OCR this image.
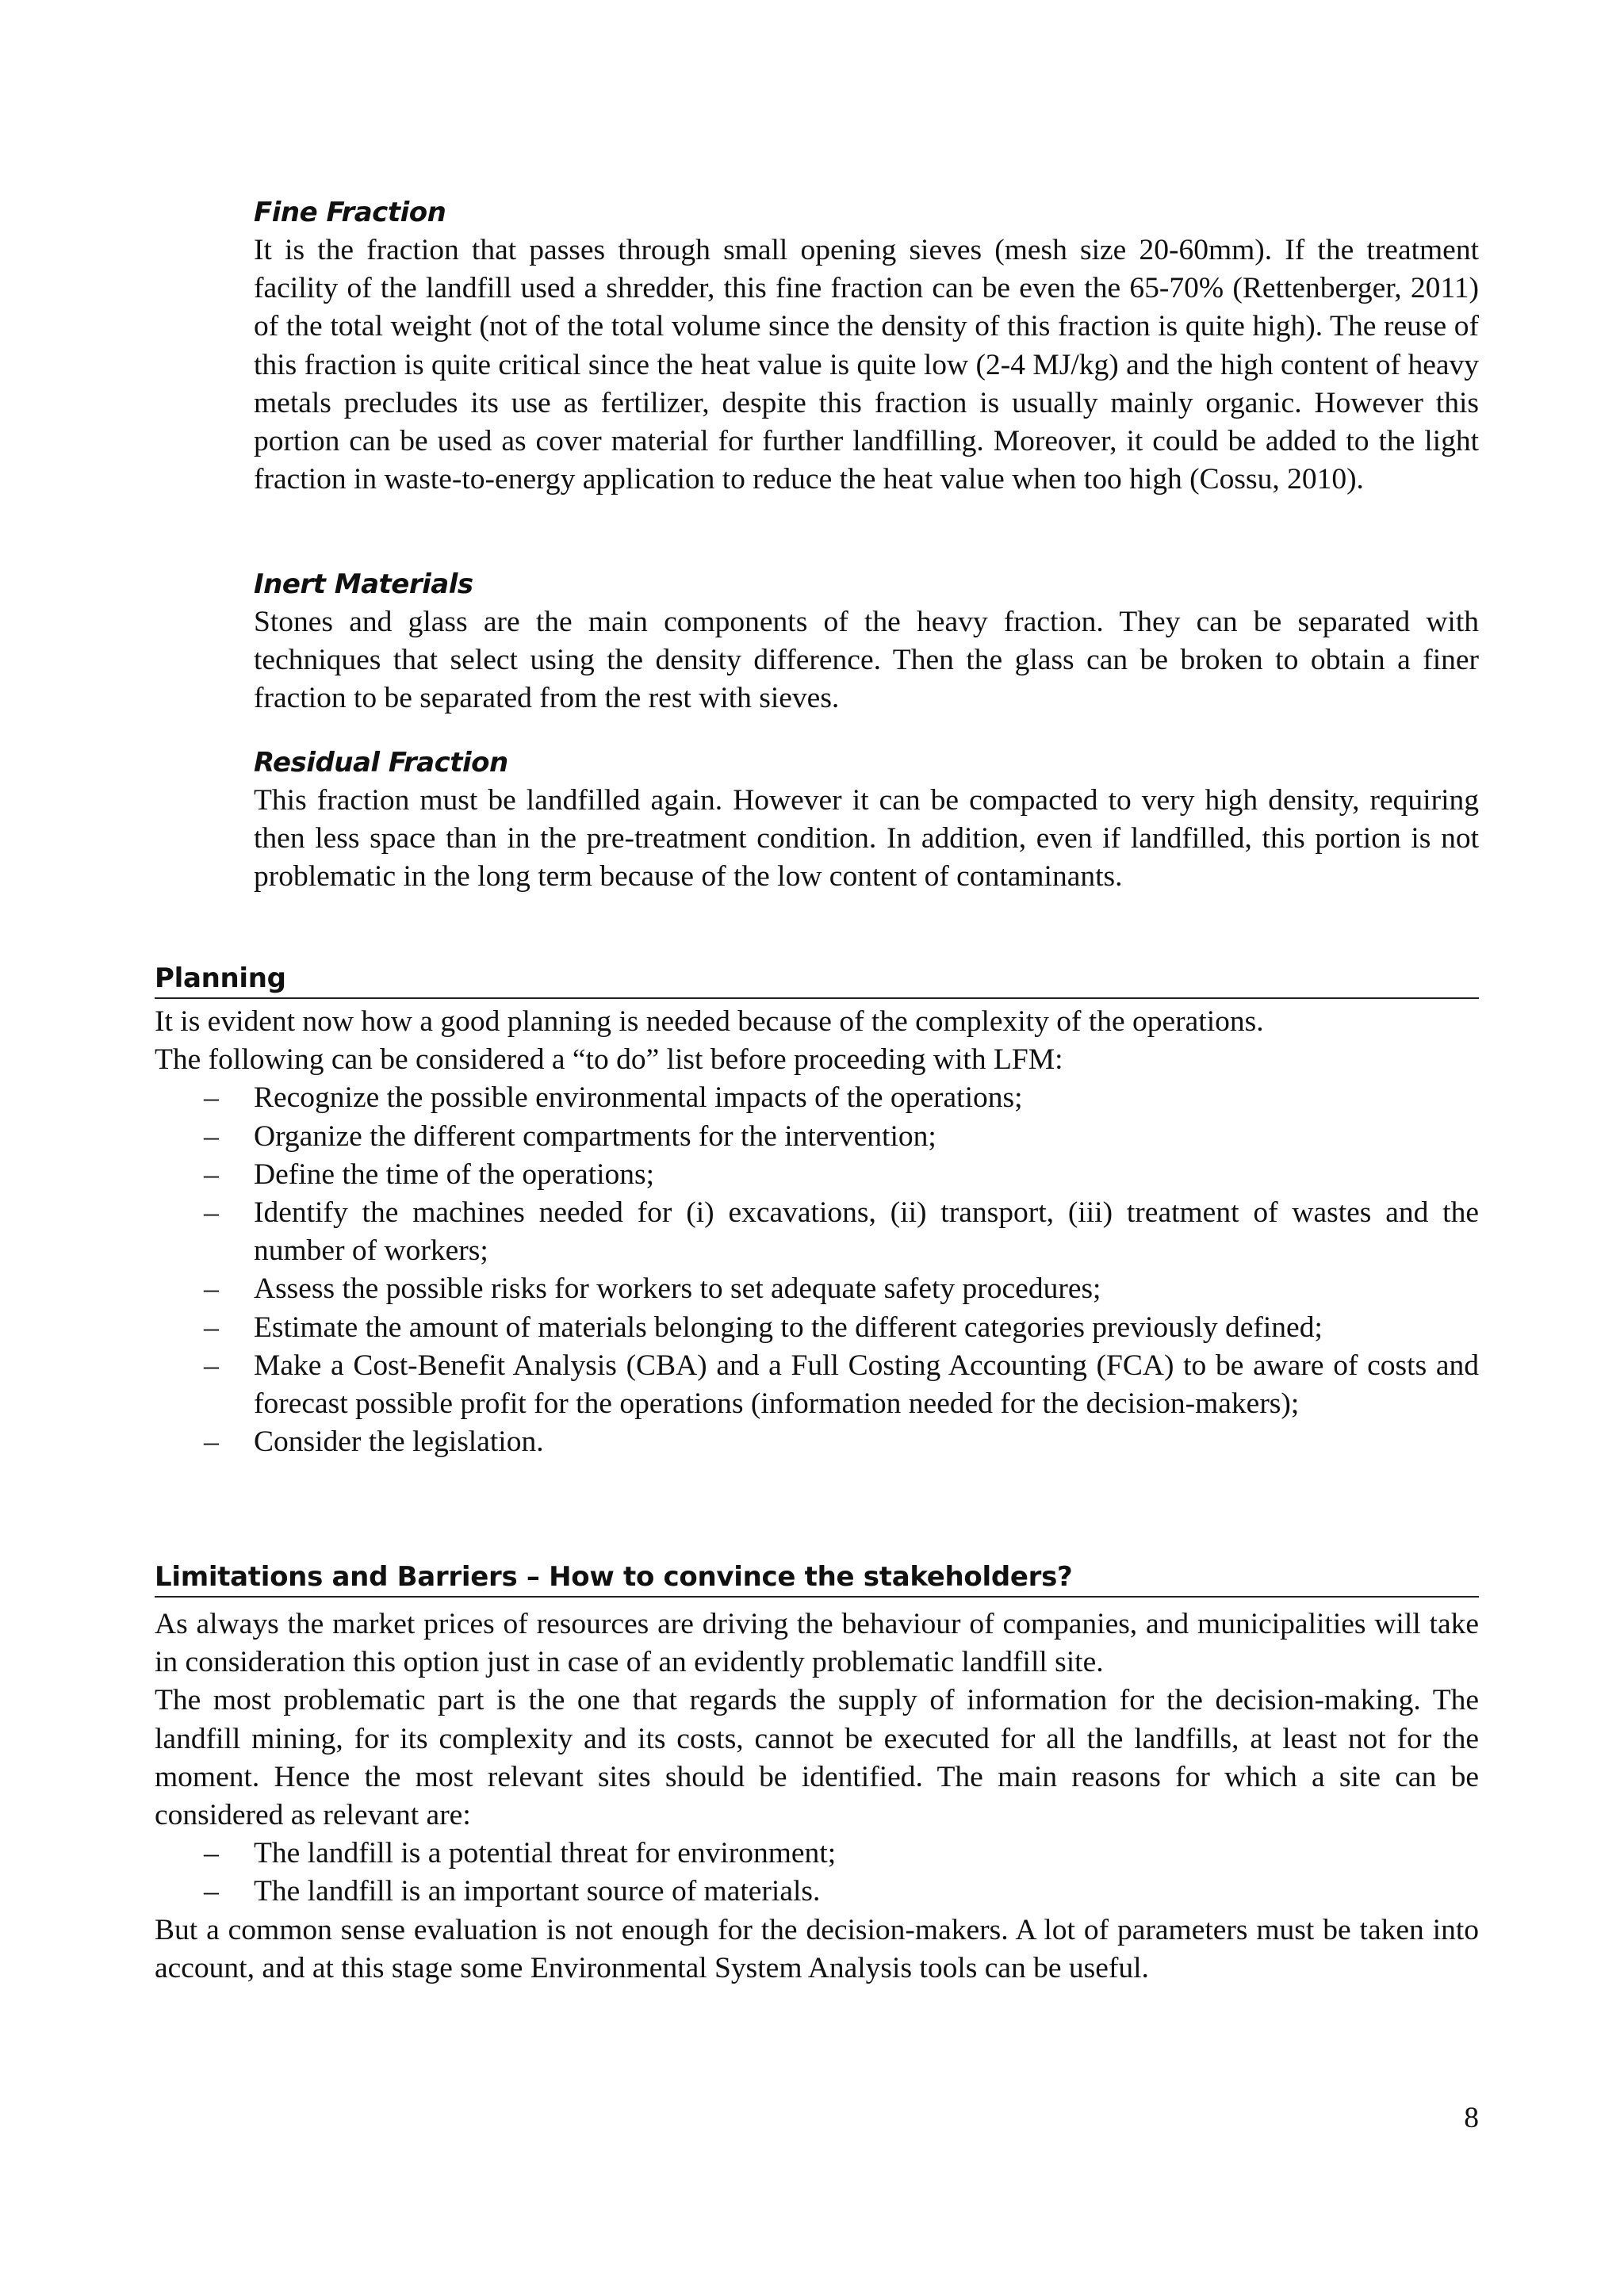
Fine Fraction

It is the fraction that passes through small opening sieves (mesh size 20-60mm). If the treatment facility of the landfill used a shredder, this fine fraction can be even the 65-70% (Rettenberger, 2011) of the total weight (not of the total volume since the density of this fraction is quite high). The reuse of this fraction is quite critical since the heat value is quite low (2-4 MJ/kg) and the high content of heavy metals precludes its use as fertilizer, despite this fraction is usually mainly organic. However this portion can be used as cover material for further landfilling. Moreover, it could be added to the light fraction in waste-to-energy application to reduce the heat value when too high (Cossu, 2010).

Inert Materials

Stones and glass are the main components of the heavy fraction. They can be separated with techniques that select using the density difference. Then the glass can be broken to obtain a finer fraction to be separated from the rest with sieves.

Residual Fraction

This fraction must be landfilled again. However it can be compacted to very high density, requiring then less space than in the pre-treatment condition. In addition, even if landfilled, this portion is not problematic in the long term because of the low content of contaminants.

Planning

It is evident now how a good planning is needed because of the complexity of the operations.

The following can be considered a “to do” list before proceeding with LFM:

– Recognize the possible environmental impacts of the operations;
– Organize the different compartments for the intervention;
– Define the time of the operations;
– Identify the machines needed for (i) excavations, (ii) transport, (iii) treatment of wastes and the number of workers;
– Assess the possible risks for workers to set adequate safety procedures;
– Estimate the amount of materials belonging to the different categories previously defined;
– Make a Cost-Benefit Analysis (CBA) and a Full Costing Accounting (FCA) to be aware of costs and forecast possible profit for the operations (information needed for the decision-makers);
– Consider the legislation.
Limitations and Barriers – How to convince the stakeholders?

As always the market prices of resources are driving the behaviour of companies, and municipalities will take in consideration this option just in case of an evidently problematic landfill site.

The most problematic part is the one that regards the supply of information for the decision-making. The landfill mining, for its complexity and its costs, cannot be executed for all the landfills, at least not for the moment. Hence the most relevant sites should be identified. The main reasons for which a site can be considered as relevant are:

– The landfill is a potential threat for environment;
– The landfill is an important source of materials.

But a common sense evaluation is not enough for the decision-makers. A lot of parameters must be taken into account, and at this stage some Environmental System Analysis tools can be useful.

8
